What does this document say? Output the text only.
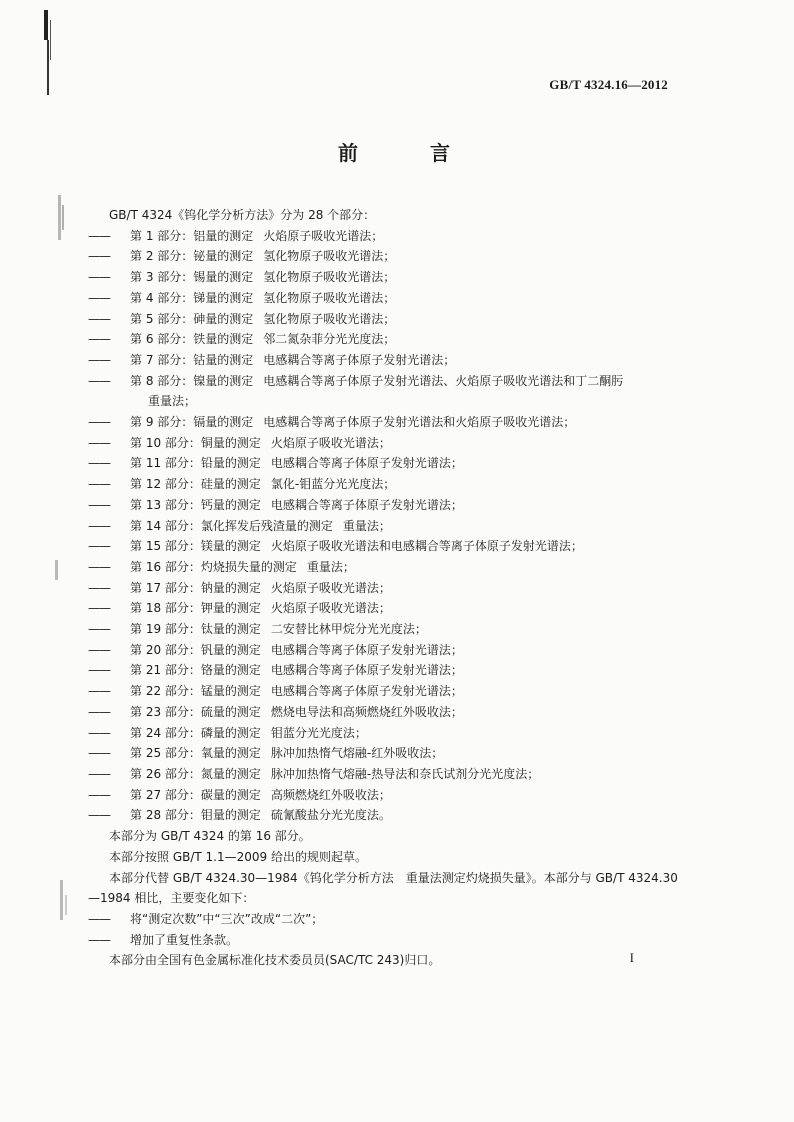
GB/T 4324.16—2012
前　言
GB/T 4324《钨化学分析方法》分为 28 个部分：
——	第 1 部分：铝量的测定 火焰原子吸收光谱法；
——	第 2 部分：铋量的测定 氢化物原子吸收光谱法；
——	第 3 部分：锡量的测定 氢化物原子吸收光谱法；
——	第 4 部分：锑量的测定 氢化物原子吸收光谱法；
——	第 5 部分：砷量的测定 氢化物原子吸收光谱法；
——	第 6 部分：铁量的测定 邻二氮杂菲分光光度法；
——	第 7 部分：钴量的测定 电感耦合等离子体原子发射光谱法；
——	第 8 部分：镍量的测定 电感耦合等离子体原子发射光谱法、火焰原子吸收光谱法和丁二酮肟
重量法；
——	第 9 部分：镉量的测定 电感耦合等离子体原子发射光谱法和火焰原子吸收光谱法；
——	第 10 部分：铜量的测定 火焰原子吸收光谱法；
——	第 11 部分：铅量的测定 电感耦合等离子体原子发射光谱法；
——	第 12 部分：硅量的测定 氯化-钼蓝分光光度法；
——	第 13 部分：钙量的测定 电感耦合等离子体原子发射光谱法；
——	第 14 部分：氯化挥发后残渣量的测定 重量法；
——	第 15 部分：镁量的测定 火焰原子吸收光谱法和电感耦合等离子体原子发射光谱法；
——	第 16 部分：灼烧损失量的测定 重量法；
——	第 17 部分：钠量的测定 火焰原子吸收光谱法；
——	第 18 部分：钾量的测定 火焰原子吸收光谱法；
——	第 19 部分：钛量的测定 二安替比林甲烷分光光度法；
——	第 20 部分：钒量的测定 电感耦合等离子体原子发射光谱法；
——	第 21 部分：铬量的测定 电感耦合等离子体原子发射光谱法；
——	第 22 部分：锰量的测定 电感耦合等离子体原子发射光谱法；
——	第 23 部分：硫量的测定 燃烧电导法和高频燃烧红外吸收法；
——	第 24 部分：磷量的测定 钼蓝分光光度法；
——	第 25 部分：氧量的测定 脉冲加热惰气熔融-红外吸收法；
——	第 26 部分：氮量的测定 脉冲加热惰气熔融-热导法和奈氏试剂分光光度法；
——	第 27 部分：碳量的测定 高频燃烧红外吸收法；
——	第 28 部分：钼量的测定 硫氰酸盐分光光度法。
本部分为 GB/T 4324 的第 16 部分。
本部分按照 GB/T 1.1—2009 给出的规则起草。
本部分代替 GB/T 4324.30—1984《钨化学分析方法　重量法测定灼烧损失量》。本部分与 GB/T 4324.30—1984 相比，主要变化如下：
——	将“测定次数”中“三次”改成“二次”；
——	增加了重复性条款。
本部分由全国有色金属标准化技术委员员(SAC/TC 243)归口。	I
